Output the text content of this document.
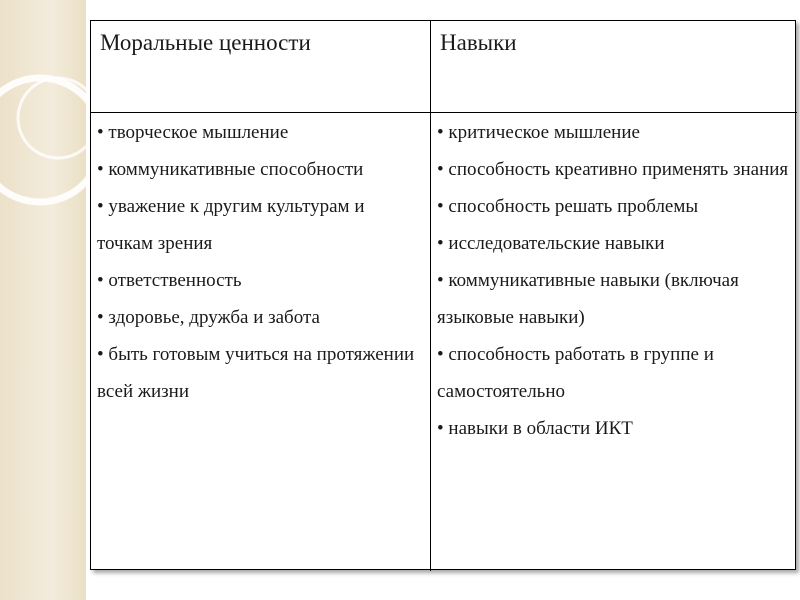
Моральные ценности	Навыки
• творческое мышление
• коммуникативные способности
• уважение к другим культурам и точкам зрения
• ответственность
• здоровье, дружба и забота
• быть готовым учиться на протяжении всей жизни
• критическое мышление
• способность креативно применять знания
• способность решать проблемы
• исследовательские навыки
• коммуникативные навыки (включая языковые навыки)
• способность работать в группе и самостоятельно
• навыки в области ИКТ
